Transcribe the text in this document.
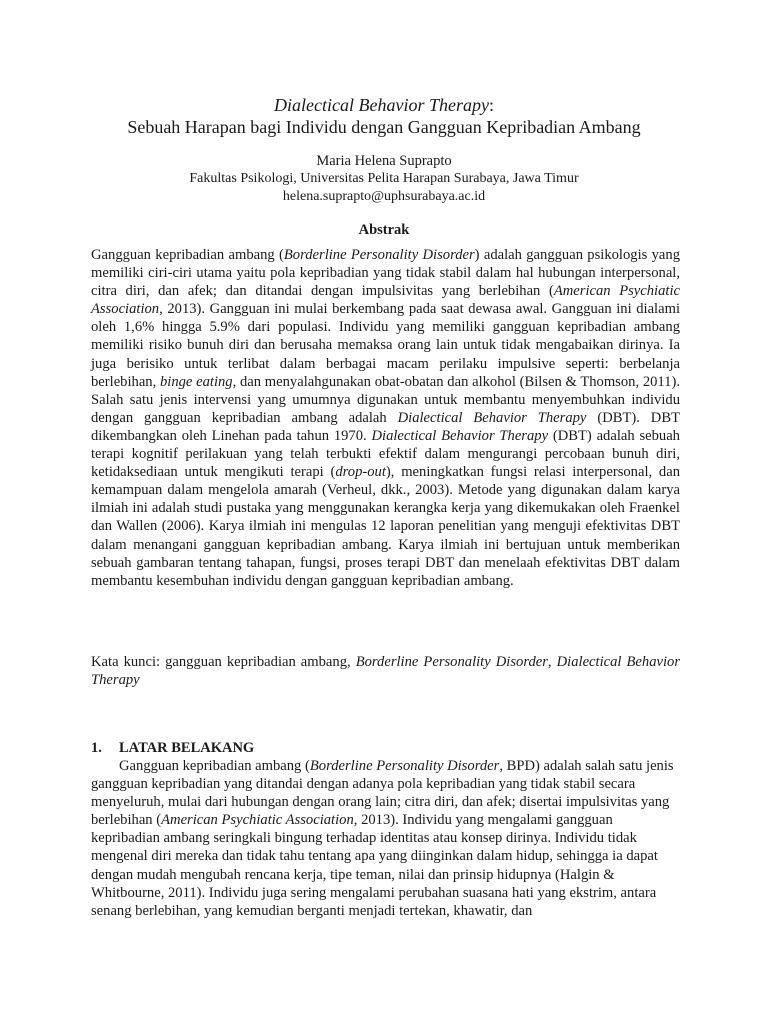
Dialectical Behavior Therapy:
Sebuah Harapan bagi Individu dengan Gangguan Kepribadian Ambang
Maria Helena Suprapto
Fakultas Psikologi, Universitas Pelita Harapan Surabaya, Jawa Timur
helena.suprapto@uphsurabaya.ac.id
Abstrak

Gangguan kepribadian ambang (Borderline Personality Disorder) adalah gangguan psikologis yang memiliki ciri-ciri utama yaitu pola kepribadian yang tidak stabil dalam hal hubungan interpersonal, citra diri, dan afek; dan ditandai dengan impulsivitas yang berlebihan (American Psychiatic Association, 2013). Gangguan ini mulai berkembang pada saat dewasa awal. Gangguan ini dialami oleh 1,6% hingga 5.9% dari populasi. Individu yang memiliki gangguan kepribadian ambang memiliki risiko bunuh diri dan berusaha memaksa orang lain untuk tidak mengabaikan dirinya. Ia juga berisiko untuk terlibat dalam berbagai macam perilaku impulsive seperti: berbelanja berlebihan, binge eating, dan menyalahgunakan obat-obatan dan alkohol (Bilsen & Thomson, 2011). Salah satu jenis intervensi yang umumnya digunakan untuk membantu menyembuhkan individu dengan gangguan kepribadian ambang adalah Dialectical Behavior Therapy (DBT). DBT dikembangkan oleh Linehan pada tahun 1970. Dialectical Behavior Therapy (DBT) adalah sebuah terapi kognitif perilakuan yang telah terbukti efektif dalam mengurangi percobaan bunuh diri, ketidaksediaan untuk mengikuti terapi (drop-out), meningkatkan fungsi relasi interpersonal, dan kemampuan dalam mengelola amarah (Verheul, dkk., 2003). Metode yang digunakan dalam karya ilmiah ini adalah studi pustaka yang menggunakan kerangka kerja yang dikemukakan oleh Fraenkel dan Wallen (2006). Karya ilmiah ini mengulas 12 laporan penelitian yang menguji efektivitas DBT dalam menangani gangguan kepribadian ambang. Karya ilmiah ini bertujuan untuk memberikan sebuah gambaran tentang tahapan, fungsi, proses terapi DBT dan menelaah efektivitas DBT dalam membantu kesembuhan individu dengan gangguan kepribadian ambang.

Kata kunci: gangguan kepribadian ambang, Borderline Personality Disorder, Dialectical Behavior Therapy

1. LATAR BELAKANG

Gangguan kepribadian ambang (Borderline Personality Disorder, BPD) adalah salah satu jenis gangguan kepribadian yang ditandai dengan adanya pola kepribadian yang tidak stabil secara menyeluruh, mulai dari hubungan dengan orang lain; citra diri, dan afek; disertai impulsivitas yang berlebihan (American Psychiatic Association, 2013). Individu yang mengalami gangguan kepribadian ambang seringkali bingung terhadap identitas atau konsep dirinya. Individu tidak mengenal diri mereka dan tidak tahu tentang apa yang diinginkan dalam hidup, sehingga ia dapat dengan mudah mengubah rencana kerja, tipe teman, nilai dan prinsip hidupnya (Halgin & Whitbourne, 2011). Individu juga sering mengalami perubahan suasana hati yang ekstrim, antara senang berlebihan, yang kemudian berganti menjadi tertekan, khawatir, dan
